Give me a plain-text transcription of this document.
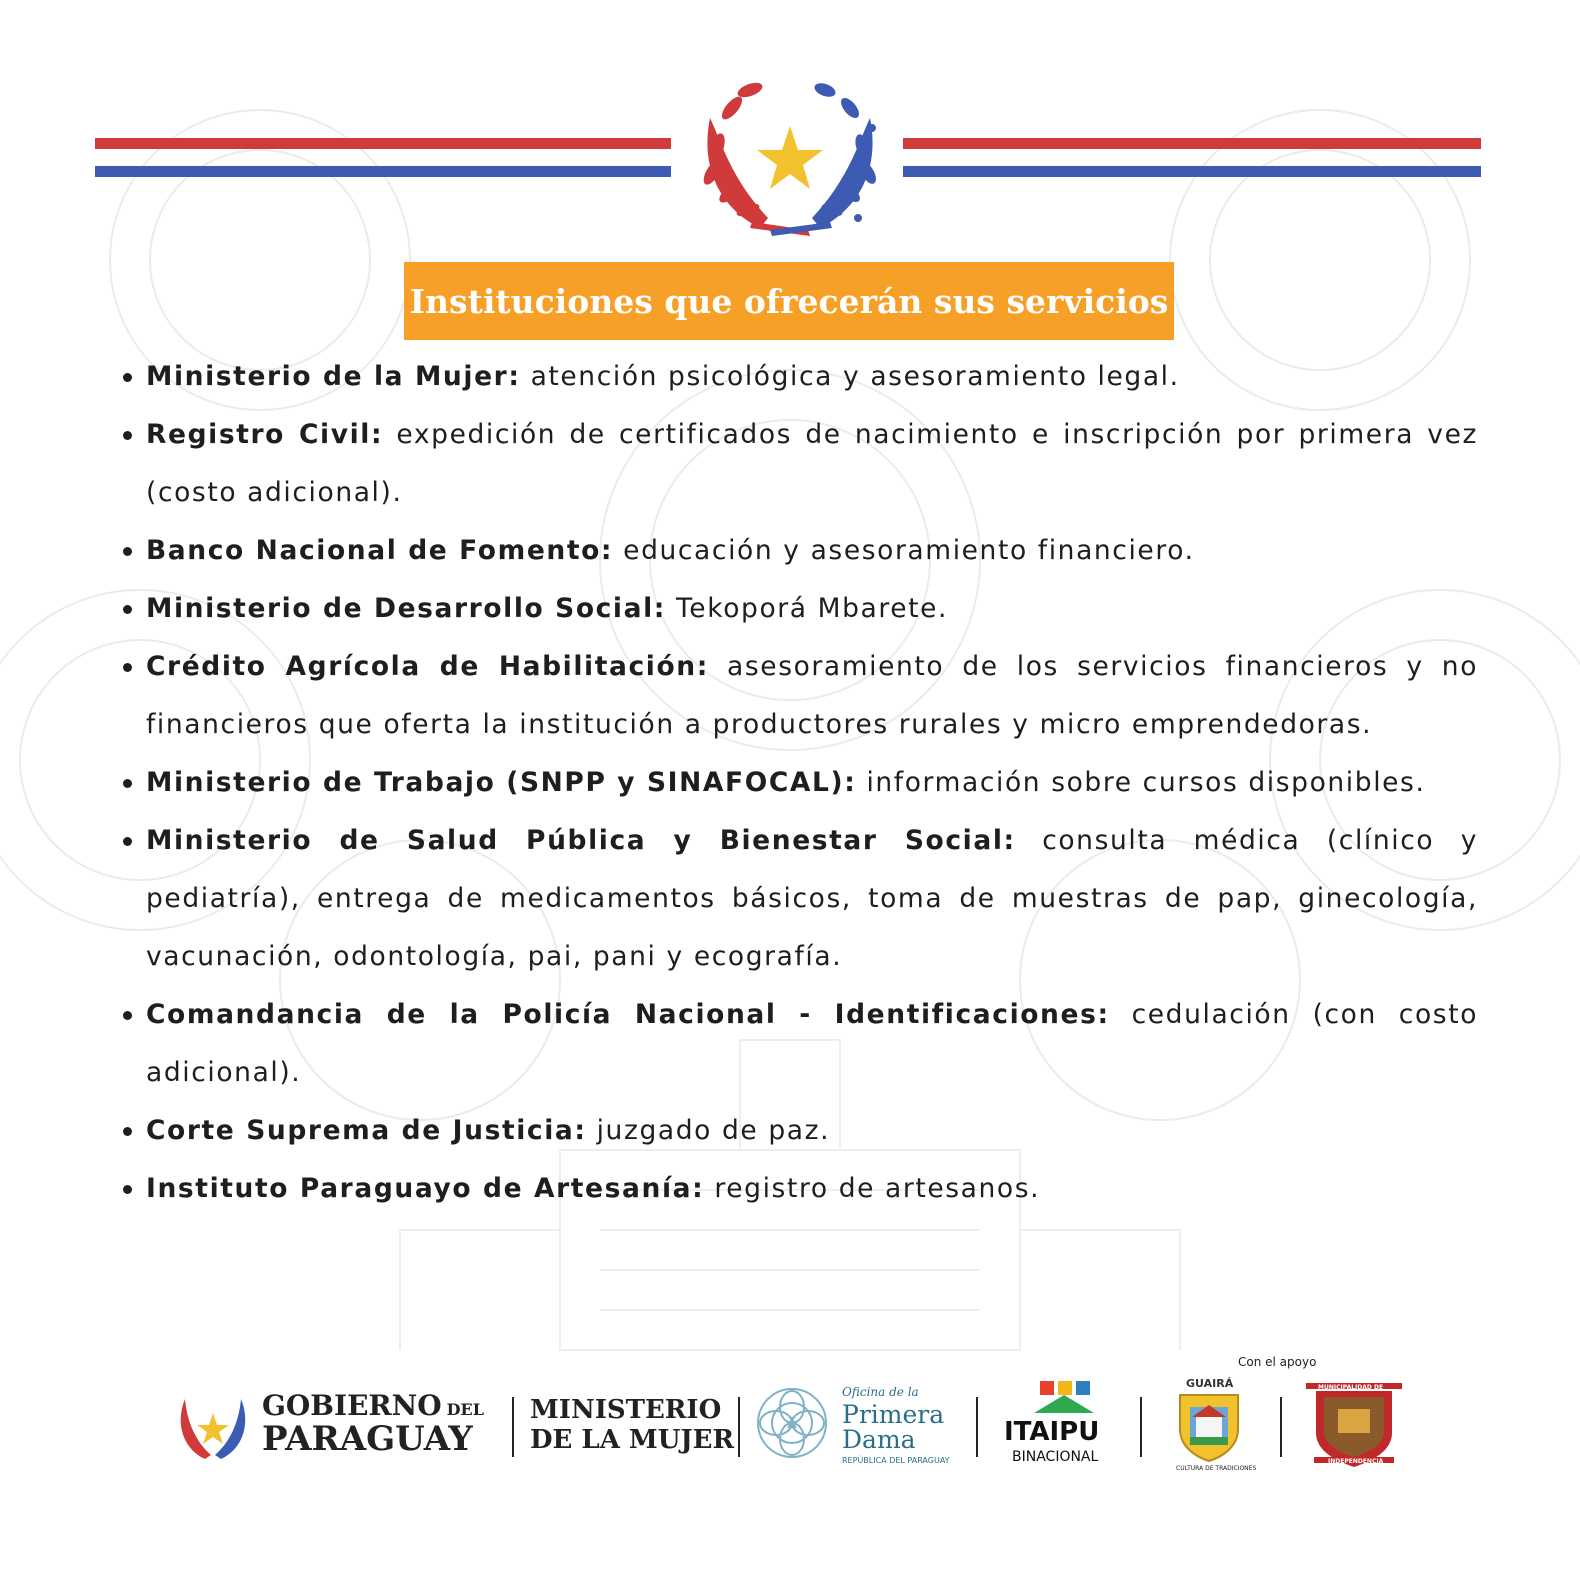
Instituciones que ofrecerán sus servicios
Ministerio de la Mujer: atención psicológica y asesoramiento legal.
Registro Civil: expedición de certificados de nacimiento e inscripción por primera vez (costo adicional).
Banco Nacional de Fomento: educación y asesoramiento financiero.
Ministerio de Desarrollo Social: Tekoporá Mbarete.
Crédito Agrícola de Habilitación: asesoramiento de los servicios financieros y no financieros que oferta la institución a productores rurales y micro emprendedoras.
Ministerio de Trabajo (SNPP y SINAFOCAL): información sobre cursos disponibles.
Ministerio de Salud Pública y Bienestar Social: consulta médica (clínico y pediatría), entrega de medicamentos básicos, toma de muestras de pap, ginecología, vacunación, odontología, pai, pani y ecografía.
Comandancia de la Policía Nacional - Identificaciones: cedulación (con costo adicional).
Corte Suprema de Justicia: juzgado de paz.
Instituto Paraguayo de Artesanía: registro de artesanos.
GOBIERNO DEL
PARAGUAY
MINISTERIO
DE LA MUJER
Oficina de la
Primera
Dama
REPÚBLICA DEL PARAGUAY
ITAIPU
BINACIONAL
Con el apoyo
GUAIRÁ
CULTURA DE TRADICIONES
MUNICIPALIDAD DE
INDEPENDENCIA
